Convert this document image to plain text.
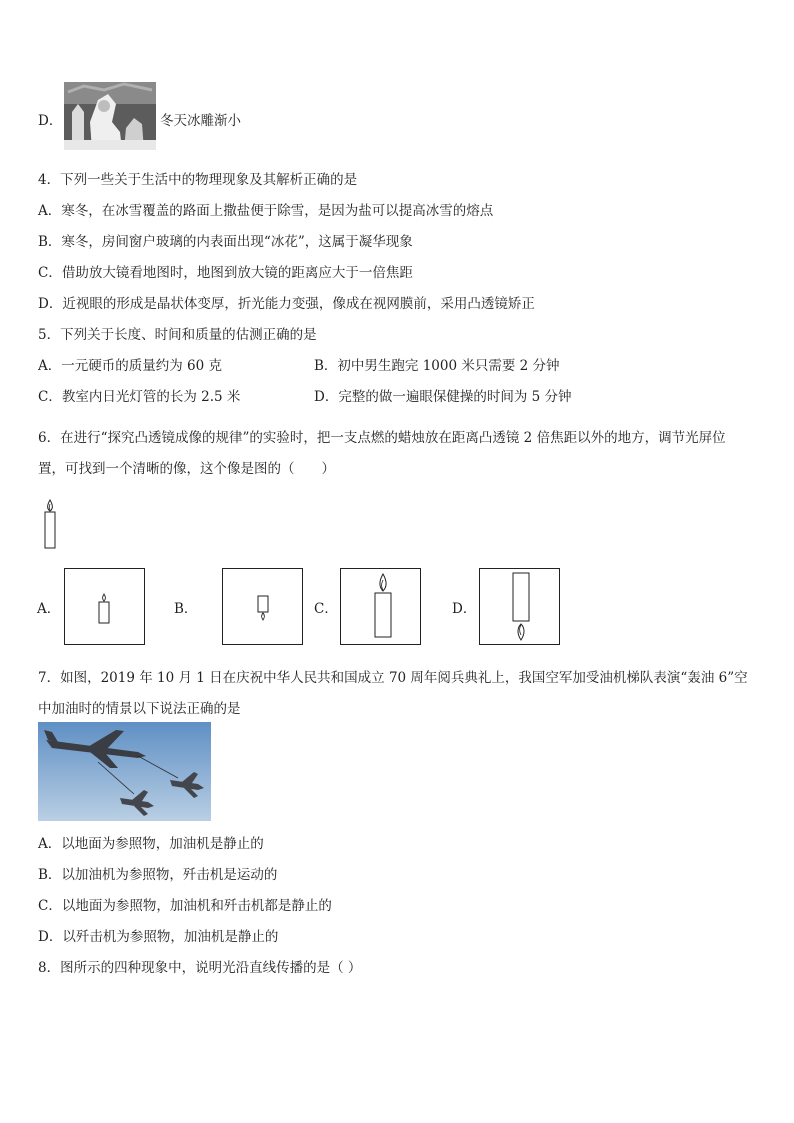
D．	冬天冰雕渐小
4．下列一些关于生活中的物理现象及其解析正确的是
A．寒冬，在冰雪覆盖的路面上撒盐便于除雪，是因为盐可以提高冰雪的熔点
B．寒冬，房间窗户玻璃的内表面出现“冰花”，这属于凝华现象
C．借助放大镜看地图时，地图到放大镜的距离应大于一倍焦距
D．近视眼的形成是晶状体变厚，折光能力变强，像成在视网膜前，采用凸透镜矫正
5．下列关于长度、时间和质量的估测正确的是
A．一元硬币的质量约为 60 克	B．初中男生跑完 1000 米只需要 2 分钟
C．教室内日光灯管的长为 2.5 米	D．完整的做一遍眼保健操的时间为 5 分钟
6．在进行“探究凸透镜成像的规律”的实验时，把一支点燃的蜡烛放在距离凸透镜 2 倍焦距以外的地方，调节光屏位
置，可找到一个清晰的像，这个像是图的（　　）
A．	B．	C．	D．
7．如图，2019 年 10 月 1 日在庆祝中华人民共和国成立 70 周年阅兵典礼上，我国空军加受油机梯队表演“轰油 6”空
中加油时的情景以下说法正确的是
A．以地面为参照物，加油机是静止的
B．以加油机为参照物，歼击机是运动的
C．以地面为参照物，加油机和歼击机都是静止的
D．以歼击机为参照物，加油机是静止的
8．图所示的四种现象中，说明光沿直线传播的是（ ）
